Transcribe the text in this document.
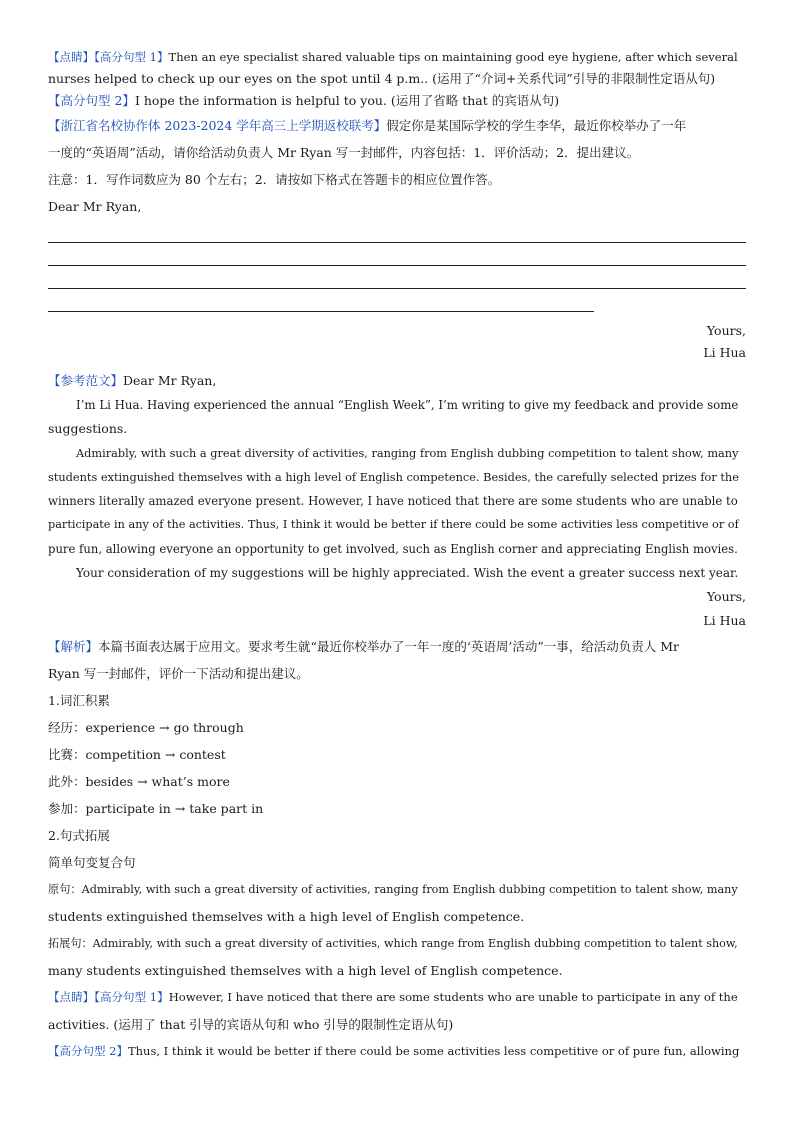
【点睛】【高分句型 1】Then an eye specialist shared valuable tips on maintaining good eye hygiene, after which several
nurses helped to check up our eyes on the spot until 4 p.m.. (运用了“介词+关系代词”引导的非限制性定语从句)
【高分句型 2】I hope the information is helpful to you. (运用了省略 that 的宾语从句)
【浙江省名校协作体 2023-2024 学年高三上学期返校联考】假定你是某国际学校的学生李华，最近你校举办了一年
一度的“英语周”活动，请你给活动负责人 Mr Ryan 写一封邮件，内容包括：1．评价活动；2．提出建议。
注意：1．写作词数应为 80 个左右；2．请按如下格式在答题卡的相应位置作答。
Dear Mr Ryan,
Yours,
Li Hua
【参考范文】Dear Mr Ryan,
I’m Li Hua. Having experienced the annual “English Week”, I’m writing to give my feedback and provide some
suggestions.
Admirably, with such a great diversity of activities, ranging from English dubbing competition to talent show, many
students extinguished themselves with a high level of English competence. Besides, the carefully selected prizes for the
winners literally amazed everyone present. However, I have noticed that there are some students who are unable to
participate in any of the activities. Thus, I think it would be better if there could be some activities less competitive or of
pure fun, allowing everyone an opportunity to get involved, such as English corner and appreciating English movies.
Your consideration of my suggestions will be highly appreciated. Wish the event a greater success next year.
Yours,
Li Hua
【解析】本篇书面表达属于应用文。要求考生就“最近你校举办了一年一度的‘英语周’活动”一事，给活动负责人 Mr
Ryan 写一封邮件，评价一下活动和提出建议。
1.词汇积累
经历：experience → go through
比赛：competition → contest
此外：besides → what’s more
参加：participate in → take part in
2.句式拓展
简单句变复合句
原句：Admirably, with such a great diversity of activities, ranging from English dubbing competition to talent show, many
students extinguished themselves with a high level of English competence.
拓展句：Admirably, with such a great diversity of activities, which range from English dubbing competition to talent show,
many students extinguished themselves with a high level of English competence.
【点睛】【高分句型 1】However, I have noticed that there are some students who are unable to participate in any of the
activities. (运用了 that 引导的宾语从句和 who 引导的限制性定语从句)
【高分句型 2】Thus, I think it would be better if there could be some activities less competitive or of pure fun, allowing
